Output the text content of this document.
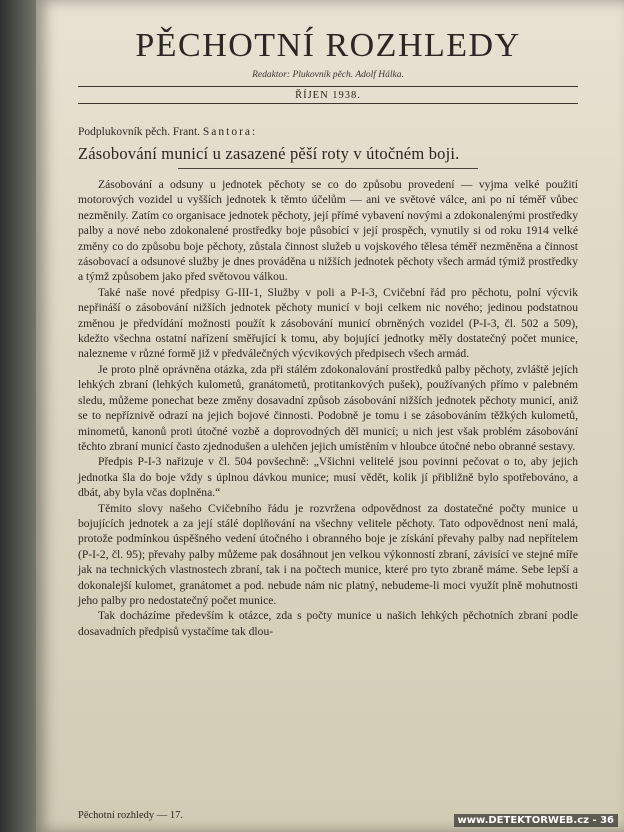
PĚCHOTNÍ ROZHLEDY
Redaktor: Plukovník pěch. Adolf Hálka.
ŘÍJEN 1938.
Podplukovník pěch. Frant. Santora:
Zásobování municí u zasazené pěší roty v útočném boji.

Zásobování a odsuny u jednotek pěchoty se co do způsobu provedení — vyjma velké použití motorových vozidel u vyšších jednotek k těmto účelům — ani ve světové válce, ani po ní téměř vůbec nezměnily. Zatím co organisace jednotek pěchoty, její přímé vybavení novými a zdokonalenými prostředky palby a nové nebo zdokonalené prostředky boje působící v její prospěch, vynutily si od roku 1914 velké změny co do způsobu boje pěchoty, zůstala činnost služeb u vojskového tělesa téměř nezměněna a činnost zásobovací a odsunové služby je dnes prováděna u nižších jednotek pěchoty všech armád týmiž prostředky a týmž způsobem jako před světovou válkou.

Také naše nové předpisy G-III-1, Služby v poli a P-I-3, Cvičební řád pro pěchotu, polní výcvik nepřináší o zásobování nižších jednotek pěchoty municí v boji celkem nic nového; jedinou podstatnou změnou je předvídání možnosti použít k zásobování municí obrněných vozidel (P-I-3, čl. 502 a 509), kdežto všechna ostatní nařízení směřující k tomu, aby bojující jednotky měly dostatečný počet munice, nalezneme v různé formě již v předválečných výcvikových předpisech všech armád.

Je proto plně oprávněna otázka, zda při stálém zdokonalování prostředků palby pěchoty, zvláště jejích lehkých zbraní (lehkých kulometů, granátometů, protitankových pušek), používaných přímo v palebném sledu, můžeme ponechat beze změny dosavadní způsob zásobování nižších jednotek pěchoty municí, aniž se to nepříznivě odrazí na jejich bojové činnosti. Podobně je tomu i se zásobováním těžkých kulometů, minometů, kanonů proti útočné vozbě a doprovodných děl municí; u nich jest však problém zásobování těchto zbraní municí často zjednodušen a ulehčen jejich umístěním v hloubce útočné nebo obranné sestavy.

Předpis P-I-3 nařizuje v čl. 504 povšechně: „Všichni velitelé jsou povinni pečovat o to, aby jejich jednotka šla do boje vždy s úplnou dávkou munice; musí vědět, kolik jí přibližně bylo spotřebováno, a dbát, aby byla včas doplněna.“

Těmito slovy našeho Cvičebního řádu je rozvržena odpovědnost za dostatečné počty munice u bojujících jednotek a za její stálé doplňování na všechny velitele pěchoty. Tato odpovědnost není malá, protože podmínkou úspěšného vedení útočného i obranného boje je získání převahy palby nad nepřítelem (P-I-2, čl. 95); převahy palby můžeme pak dosáhnout jen velkou výkonností zbraní, závisící ve stejné míře jak na technických vlastnostech zbraní, tak i na počtech munice, které pro tyto zbraně máme. Sebe lepší a dokonalejší kulomet, granátomet a pod. nebude nám nic platný, nebudeme-li moci využít plně mohutnosti jeho palby pro nedostatečný počet munice.

Tak docházíme především k otázce, zda s počty munice u našich lehkých pěchotních zbraní podle dosavadních předpisů vystačíme tak dlou-

Pěchotní rozhledy — 17.	www.DETEKTORWEB.cz - 36
